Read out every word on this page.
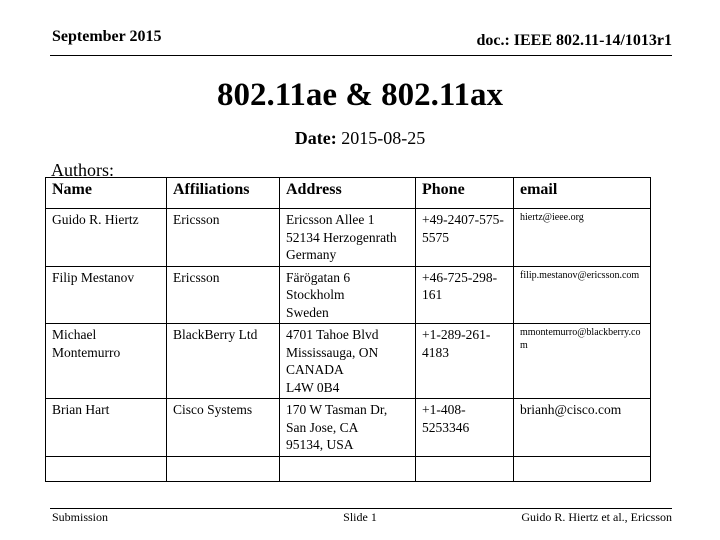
September 2015	doc.: IEEE 802.11-14/1013r1
802.11ae & 802.11ax
Date: 2015-08-25
Authors:
Name	Affiliations	Address	Phone	email
Guido R. Hiertz	Ericsson	Ericsson Allee 1
52134 Herzogenrath
Germany	+49-2407-575-5575	hiertz@ieee.org
Filip Mestanov	Ericsson	Färögatan 6
Stockholm
Sweden	+46-725-298-161	filip.mestanov@ericsson.com
Michael Montemurro	BlackBerry Ltd	4701 Tahoe Blvd
Mississauga, ON
CANADA
L4W 0B4	+1-289-261-4183	mmontemurro@blackberry.com
Brian Hart	Cisco Systems	170 W Tasman Dr,
San Jose, CA
95134, USA	+1-408-5253346	brianh@cisco.com

Submission	Slide 1	Guido R. Hiertz et al., Ericsson
